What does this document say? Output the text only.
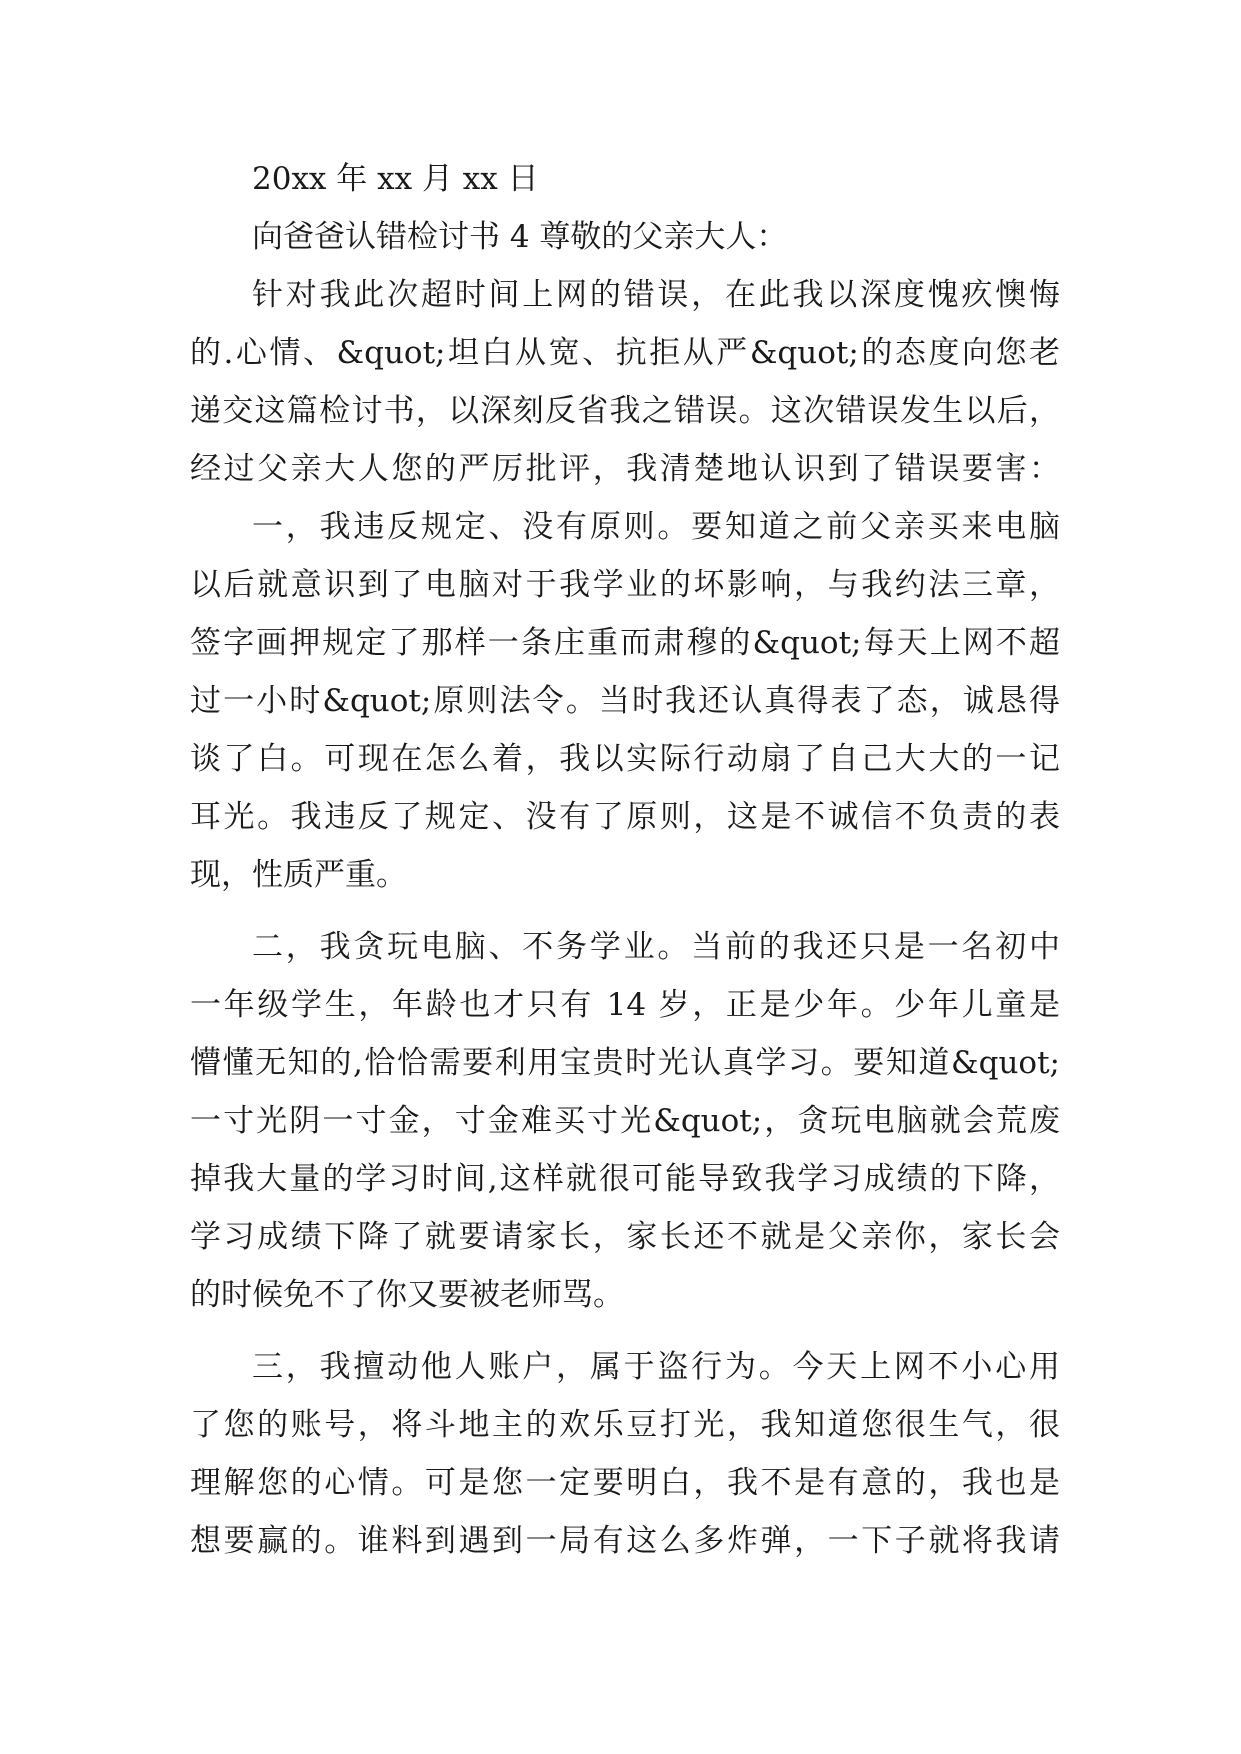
20xx 年 xx 月 xx 日
向爸爸认错检讨书 4 尊敬的父亲大人：
针对我此次超时间上网的错误，在此我以深度愧疚懊悔
的.心情、&quot;坦白从宽、抗拒从严&quot;的态度向您老
递交这篇检讨书，以深刻反省我之错误。这次错误发生以后，
经过父亲大人您的严厉批评，我清楚地认识到了错误要害：
一，我违反规定、没有原则。要知道之前父亲买来电脑
以后就意识到了电脑对于我学业的坏影响，与我约法三章，
签字画押规定了那样一条庄重而肃穆的&quot;每天上网不超
过一小时&quot;原则法令。当时我还认真得表了态，诚恳得
谈了白。可现在怎么着，我以实际行动扇了自己大大的一记
耳光。我违反了规定、没有了原则，这是不诚信不负责的表
现，性质严重。
二，我贪玩电脑、不务学业。当前的我还只是一名初中
一年级学生，年龄也才只有 14 岁，正是少年。少年儿童是
懵懂无知的,恰恰需要利用宝贵时光认真学习。要知道&quot;
一寸光阴一寸金，寸金难买寸光&quot;，贪玩电脑就会荒废
掉我大量的学习时间,这样就很可能导致我学习成绩的下降，
学习成绩下降了就要请家长，家长还不就是父亲你，家长会
的时候免不了你又要被老师骂。
三，我擅动他人账户，属于盗行为。今天上网不小心用
了您的账号，将斗地主的欢乐豆打光，我知道您很生气，很
理解您的心情。可是您一定要明白，我不是有意的，我也是
想要赢的。谁料到遇到一局有这么多炸弹，一下子就将我请
